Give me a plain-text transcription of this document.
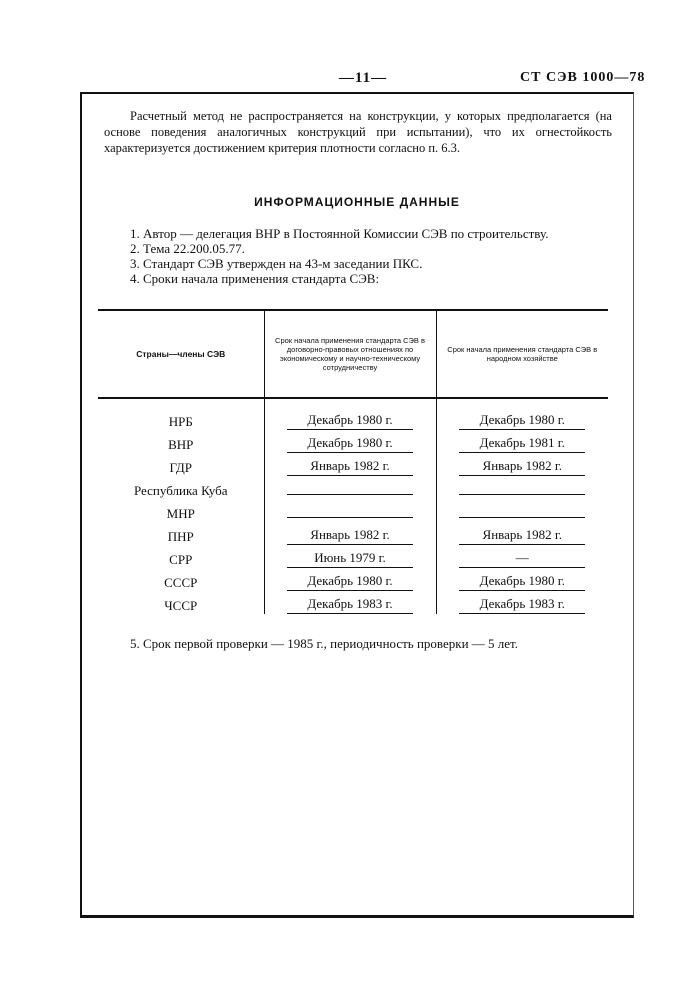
—11—	СТ СЭВ 1000—78

Расчетный метод не распространяется на конструкции, у которых предполагается (на основе поведения аналогичных конструкций при испытании), что их огнестойкость характеризуется достижением критерия плотности согласно п. 6.3.

ИНФОРМАЦИОННЫЕ ДАННЫЕ
1. Автор — делегация ВНР в Постоянной Комиссии СЭВ по строительству.
2. Тема 22.200.05.77.
3. Стандарт СЭВ утвержден на 43-м заседании ПКС.
4. Сроки начала применения стандарта СЭВ:
Страны—члены СЭВ	Срок начала применения стандарта СЭВ в договорно-правовых отношениях по экономическому и научно-техническому сотрудничеству	Срок начала применения стандарта СЭВ в народном хозяйстве

НРБ	Декабрь 1980 г.	Декабрь 1980 г.
ВНР	Декабрь 1980 г.	Декабрь 1981 г.
ГДР	Январь 1982 г.	Январь 1982 г.
Республика Куба		
МНР		
ПНР	Январь 1982 г.	Январь 1982 г.
СРР	Июнь 1979 г.	—
СССР	Декабрь 1980 г.	Декабрь 1980 г.
ЧССР	Декабрь 1983 г.	Декабрь 1983 г.

5. Срок первой проверки — 1985 г., периодичность проверки — 5 лет.
